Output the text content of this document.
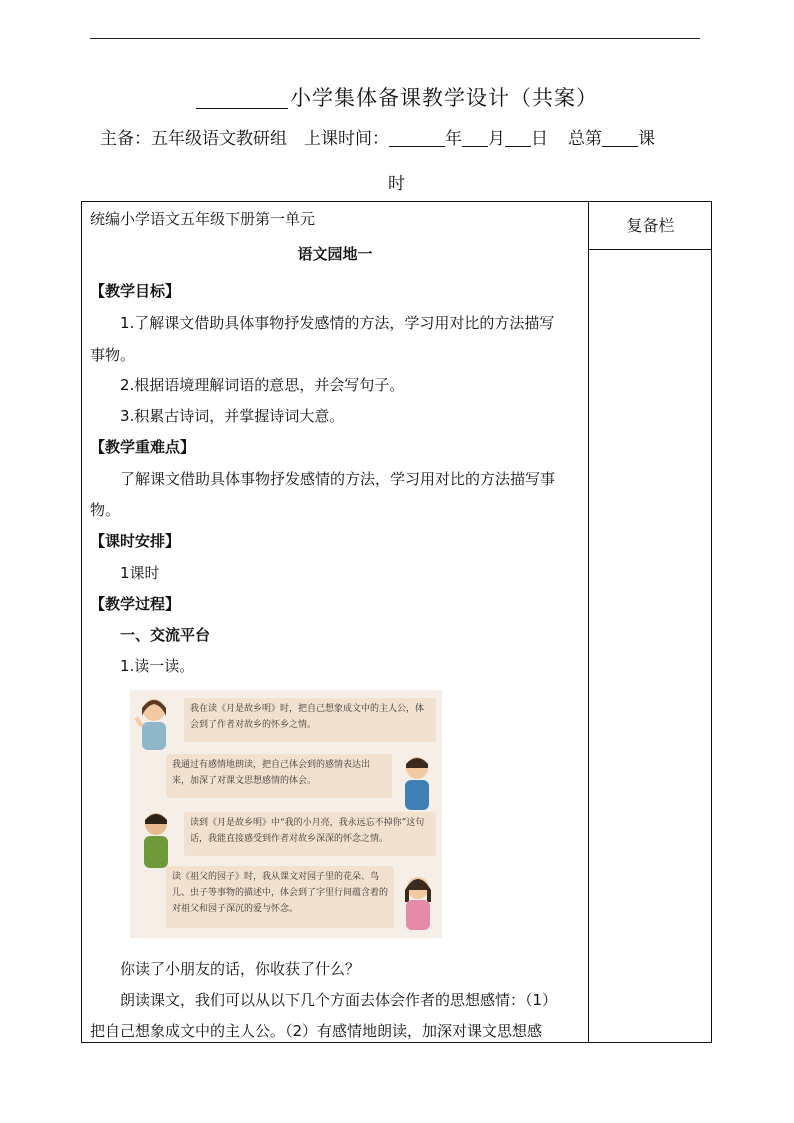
小学集体备课教学设计（共案）
主备：五年级语文教研组　上课时间：	年 月 日 总第 课
时
复备栏
统编小学语文五年级下册第一单元
语文园地一
【教学目标】
1.了解课文借助具体事物抒发感情的方法，学习用对比的方法描写
事物。
2.根据语境理解词语的意思，并会写句子。
3.积累古诗词，并掌握诗词大意。
【教学重难点】
了解课文借助具体事物抒发感情的方法，学习用对比的方法描写事
物。
【课时安排】
1课时
【教学过程】
一、交流平台
1.读一读。
我在读《月是故乡明》时，把自己想象成文中的主人公，体会到了作者对故乡的怀乡之情。
我通过有感情地朗读，把自己体会到的感情表达出来，加深了对课文思想感情的体会。
读到《月是故乡明》中“我的小月亮，我永远忘不掉你”这句话，我能直接感受到作者对故乡深深的怀念之情。
读《祖父的园子》时，我从课文对园子里的花朵、鸟儿、虫子等事物的描述中，体会到了字里行间蕴含着的对祖父和园子深沉的爱与怀念。
你读了小朋友的话，你收获了什么？
朗读课文，我们可以从以下几个方面去体会作者的思想感情：（1）
把自己想象成文中的主人公。（2）有感情地朗读，加深对课文思想感
